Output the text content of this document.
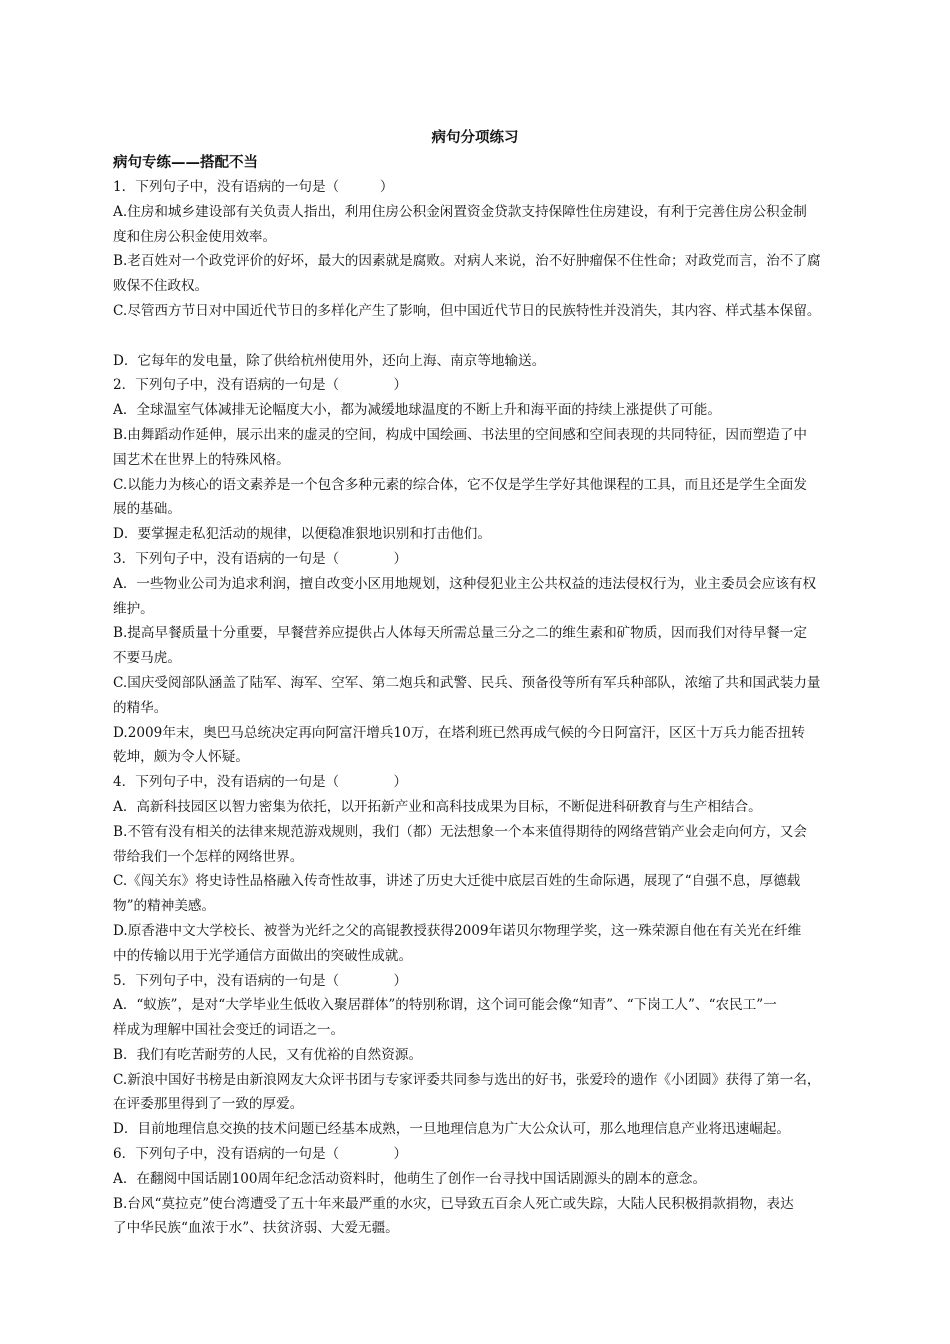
病句分项练习
病句专练——搭配不当
1．下列句子中，没有语病的一句是（　　　）
A.住房和城乡建设部有关负责人指出，利用住房公积金闲置资金贷款支持保障性住房建设，有利于完善住房公积金制
度和住房公积金使用效率。
B.老百姓对一个政党评价的好坏，最大的因素就是腐败。对病人来说，治不好肿瘤保不住性命；对政党而言，治不了腐
败保不住政权。
C.尽管西方节日对中国近代节日的多样化产生了影响，但中国近代节日的民族特性并没消失，其内容、样式基本保留。
D．它每年的发电量，除了供给杭州使用外，还向上海、南京等地输送。
2．下列句子中，没有语病的一句是（　　　　）
A．全球温室气体减排无论幅度大小，都为减缓地球温度的不断上升和海平面的持续上涨提供了可能。
B.由舞蹈动作延伸，展示出来的虚灵的空间，构成中国绘画、书法里的空间感和空间表现的共同特征，因而塑造了中
国艺术在世界上的特殊风格。
C.以能力为核心的语文素养是一个包含多种元素的综合体，它不仅是学生学好其他课程的工具，而且还是学生全面发
展的基础。
D．要掌握走私犯活动的规律，以便稳准狠地识别和打击他们。
3．下列句子中，没有语病的一句是（　　　　）
A．一些物业公司为追求利润，擅自改变小区用地规划，这种侵犯业主公共权益的违法侵权行为，业主委员会应该有权
维护。
B.提高早餐质量十分重要，早餐营养应提供占人体每天所需总量三分之二的维生素和矿物质，因而我们对待早餐一定
不要马虎。
C.国庆受阅部队涵盖了陆军、海军、空军、第二炮兵和武警、民兵、预备役等所有军兵种部队，浓缩了共和国武装力量
的精华。
D.2009年末，奥巴马总统决定再向阿富汗增兵10万，在塔利班已然再成气候的今日阿富汗，区区十万兵力能否扭转
乾坤，颇为令人怀疑。
4．下列句子中，没有语病的一句是（　　　　）
A．高新科技园区以智力密集为依托，以开拓新产业和高科技成果为目标，不断促进科研教育与生产相结合。
B.不管有没有相关的法律来规范游戏规则，我们（都）无法想象一个本来值得期待的网络营销产业会走向何方，又会
带给我们一个怎样的网络世界。
C.《闯关东》将史诗性品格融入传奇性故事，讲述了历史大迁徙中底层百姓的生命际遇，展现了“自强不息，厚德载
物”的精神美感。
D.原香港中文大学校长、被誉为光纤之父的高锟教授获得2009年诺贝尔物理学奖，这一殊荣源自他在有关光在纤维
中的传输以用于光学通信方面做出的突破性成就。
5．下列句子中，没有语病的一句是（　　　　）
A．“蚁族”，是对“大学毕业生低收入聚居群体”的特别称谓，这个词可能会像“知青”、“下岗工人”、“农民工”一
样成为理解中国社会变迁的词语之一。
B．我们有吃苦耐劳的人民，又有优裕的自然资源。
C.新浪中国好书榜是由新浪网友大众评书团与专家评委共同参与选出的好书，张爱玲的遗作《小团圆》获得了第一名，
在评委那里得到了一致的厚爱。
D．目前地理信息交换的技术问题已经基本成熟，一旦地理信息为广大公众认可，那么地理信息产业将迅速崛起。
6．下列句子中，没有语病的一句是（　　　　）
A．在翻阅中国话剧100周年纪念活动资料时，他萌生了创作一台寻找中国话剧源头的剧本的意念。
B.台风“莫拉克”使台湾遭受了五十年来最严重的水灾，已导致五百余人死亡或失踪，大陆人民积极捐款捐物，表达
了中华民族“血浓于水”、扶贫济弱、大爱无疆。
